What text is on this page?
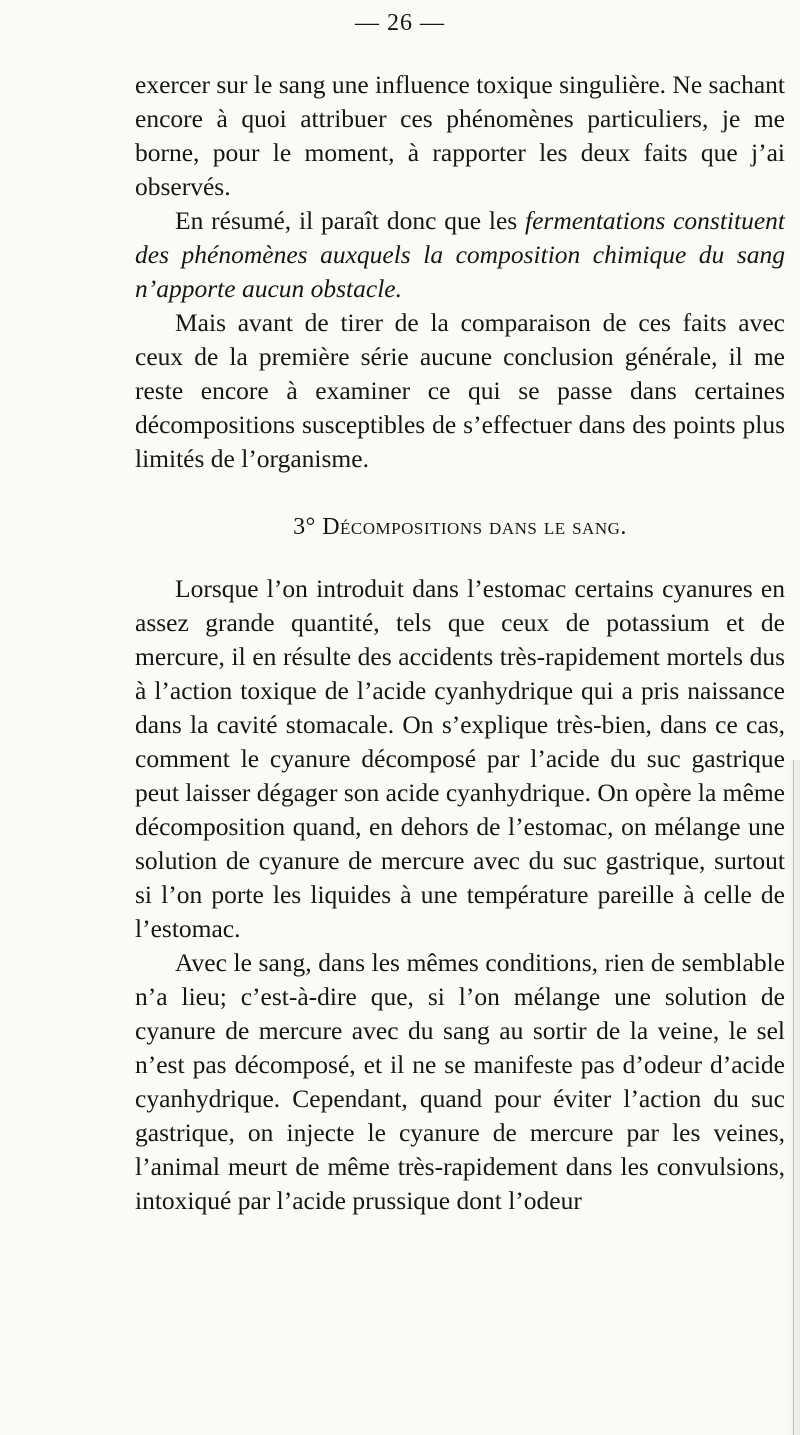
— 26 —

exercer sur le sang une influence toxique singulière. Ne sachant encore à quoi attribuer ces phénomènes particuliers, je me borne, pour le moment, à rapporter les deux faits que j’ai observés.

En résumé, il paraît donc que les fermentations constituent des phénomènes auxquels la composition chimique du sang n’apporte aucun obstacle.

Mais avant de tirer de la comparaison de ces faits avec ceux de la première série aucune conclusion générale, il me reste encore à examiner ce qui se passe dans certaines décompositions susceptibles de s’effectuer dans des points plus limités de l’organisme.

3° Décompositions dans le sang.

Lorsque l’on introduit dans l’estomac certains cyanures en assez grande quantité, tels que ceux de potassium et de mercure, il en résulte des accidents très-rapidement mortels dus à l’action toxique de l’acide cyanhydrique qui a pris naissance dans la cavité stomacale. On s’explique très-bien, dans ce cas, comment le cyanure décomposé par l’acide du suc gastrique peut laisser dégager son acide cyanhydrique. On opère la même décomposition quand, en dehors de l’estomac, on mélange une solution de cyanure de mercure avec du suc gastrique, surtout si l’on porte les liquides à une température pareille à celle de l’estomac.

Avec le sang, dans les mêmes conditions, rien de semblable n’a lieu; c’est-à-dire que, si l’on mélange une solution de cyanure de mercure avec du sang au sortir de la veine, le sel n’est pas décomposé, et il ne se manifeste pas d’odeur d’acide cyanhydrique. Cependant, quand pour éviter l’action du suc gastrique, on injecte le cyanure de mercure par les veines, l’animal meurt de même très-rapidement dans les convulsions, intoxiqué par l’acide prussique dont l’odeur
